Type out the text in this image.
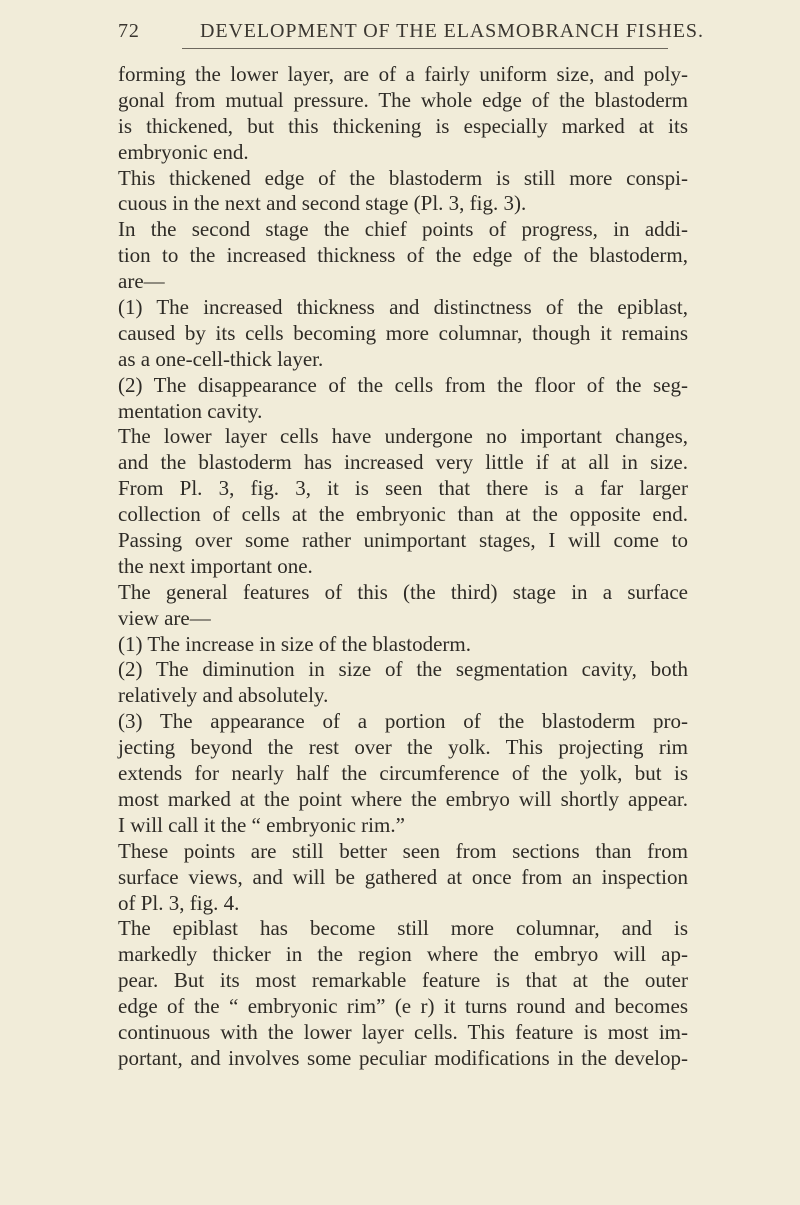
72	DEVELOPMENT OF THE ELASMOBRANCH FISHES.
forming the lower layer, are of a fairly uniform size, and poly-
gonal from mutual pressure. The whole edge of the blastoderm
is thickened, but this thickening is especially marked at its
embryonic end.
This thickened edge of the blastoderm is still more conspi-
cuous in the next and second stage (Pl. 3, fig. 3).
In the second stage the chief points of progress, in addi-
tion to the increased thickness of the edge of the blastoderm,
are—
(1) The increased thickness and distinctness of the epiblast,
caused by its cells becoming more columnar, though it remains
as a one-cell-thick layer.
(2) The disappearance of the cells from the floor of the seg-
mentation cavity.
The lower layer cells have undergone no important changes,
and the blastoderm has increased very little if at all in size.
From Pl. 3, fig. 3, it is seen that there is a far larger
collection of cells at the embryonic than at the opposite end.
Passing over some rather unimportant stages, I will come to
the next important one.
The general features of this (the third) stage in a surface
view are—
(1) The increase in size of the blastoderm.
(2) The diminution in size of the segmentation cavity, both
relatively and absolutely.
(3) The appearance of a portion of the blastoderm pro-
jecting beyond the rest over the yolk. This projecting rim
extends for nearly half the circumference of the yolk, but is
most marked at the point where the embryo will shortly appear.
I will call it the “ embryonic rim.”
These points are still better seen from sections than from
surface views, and will be gathered at once from an inspection
of Pl. 3, fig. 4.
The epiblast has become still more columnar, and is
markedly thicker in the region where the embryo will ap-
pear. But its most remarkable feature is that at the outer
edge of the “ embryonic rim” (e r) it turns round and becomes
continuous with the lower layer cells. This feature is most im-
portant, and involves some peculiar modifications in the develop-
